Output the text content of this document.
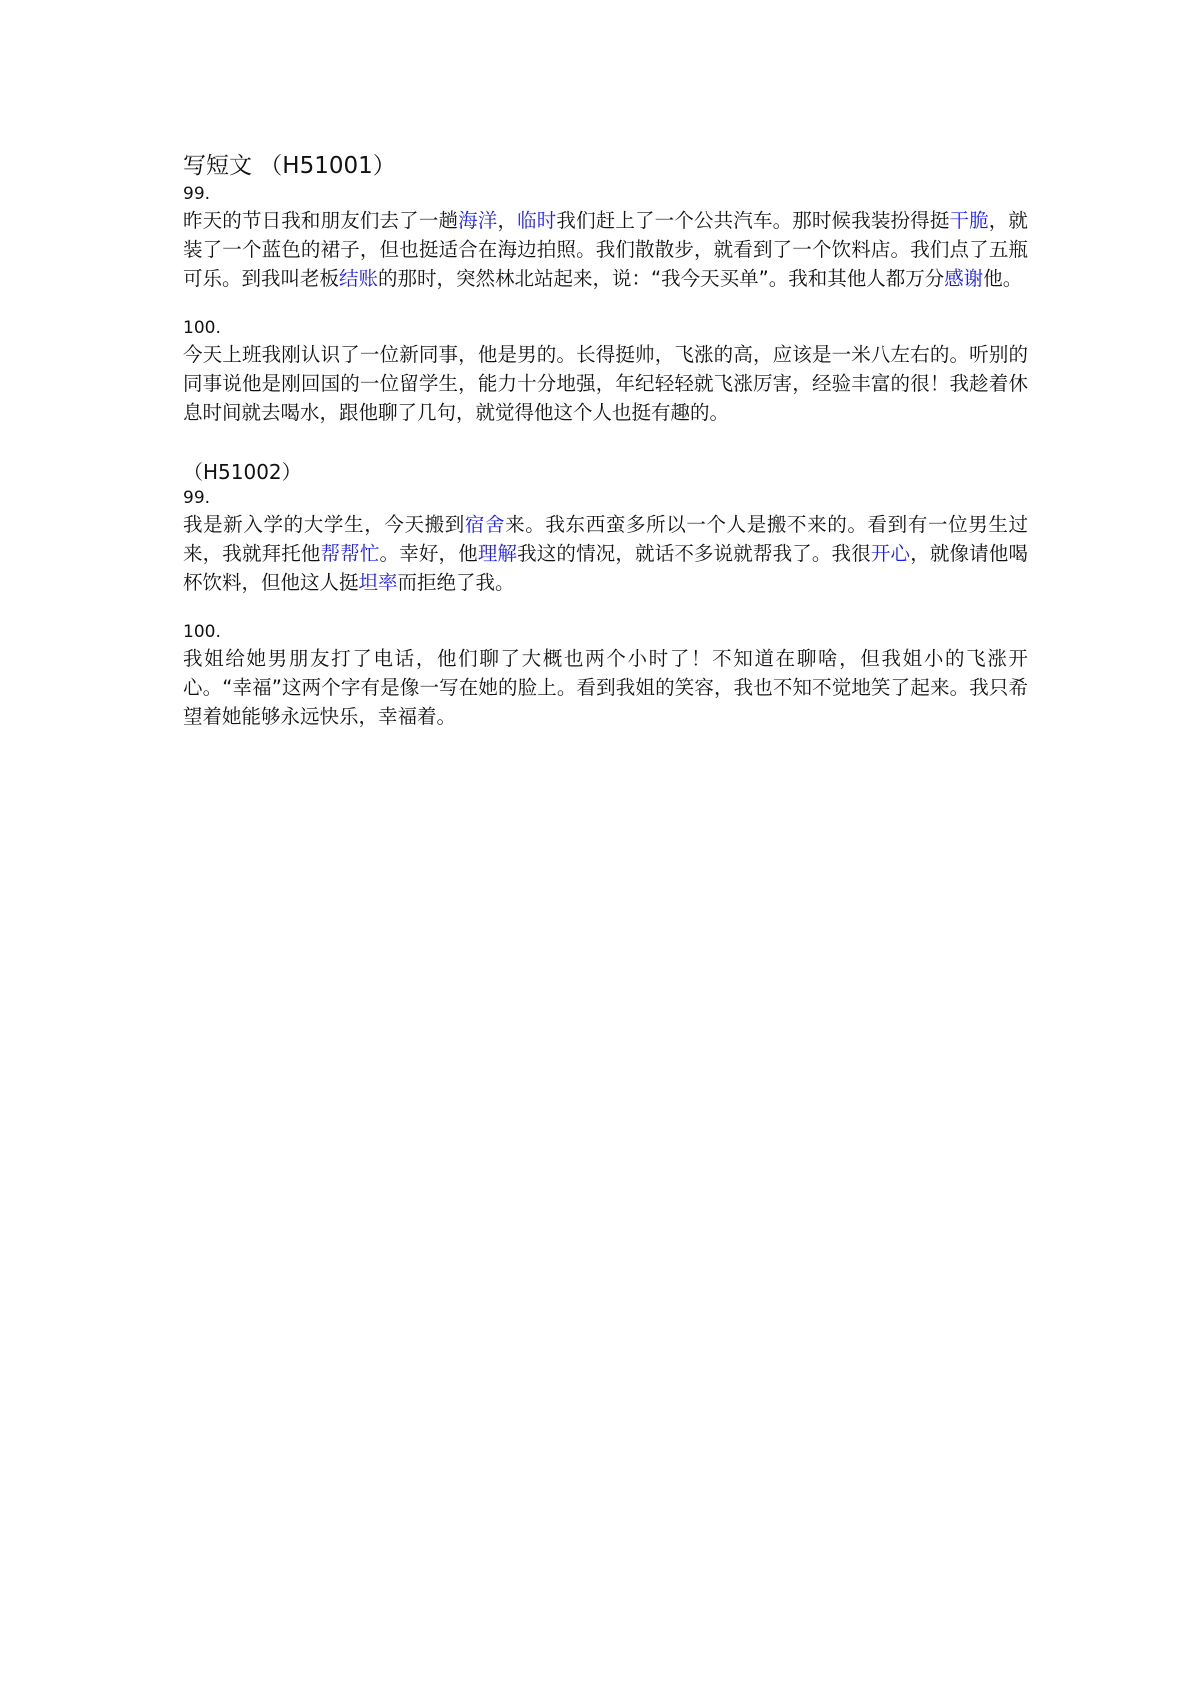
写短文 （H51001）
99.

昨天的节日我和朋友们去了一趟海洋，临时我们赶上了一个公共汽车。那时候我装扮得挺干脆，就装了一个蓝色的裙子，但也挺适合在海边拍照。我们散散步，就看到了一个饮料店。我们点了五瓶可乐。到我叫老板结账的那时，突然林北站起来，说：“我今天买单”。我和其他人都万分感谢他。

100.

今天上班我刚认识了一位新同事，他是男的。长得挺帅，飞涨的高，应该是一米八左右的。听别的同事说他是刚回国的一位留学生，能力十分地强，年纪轻轻就飞涨厉害，经验丰富的很！我趁着休息时间就去喝水，跟他聊了几句，就觉得他这个人也挺有趣的。

（H51002）
99.

我是新入学的大学生，今天搬到宿舍来。我东西蛮多所以一个人是搬不来的。看到有一位男生过来，我就拜托他帮帮忙。幸好，他理解我这的情况，就话不多说就帮我了。我很开心，就像请他喝杯饮料，但他这人挺坦率而拒绝了我。

100.

我姐给她男朋友打了电话，他们聊了大概也两个小时了！不知道在聊啥，但我姐小的飞涨开心。“幸福”这两个字有是像一写在她的脸上。看到我姐的笑容，我也不知不觉地笑了起来。我只希望着她能够永远快乐，幸福着。
